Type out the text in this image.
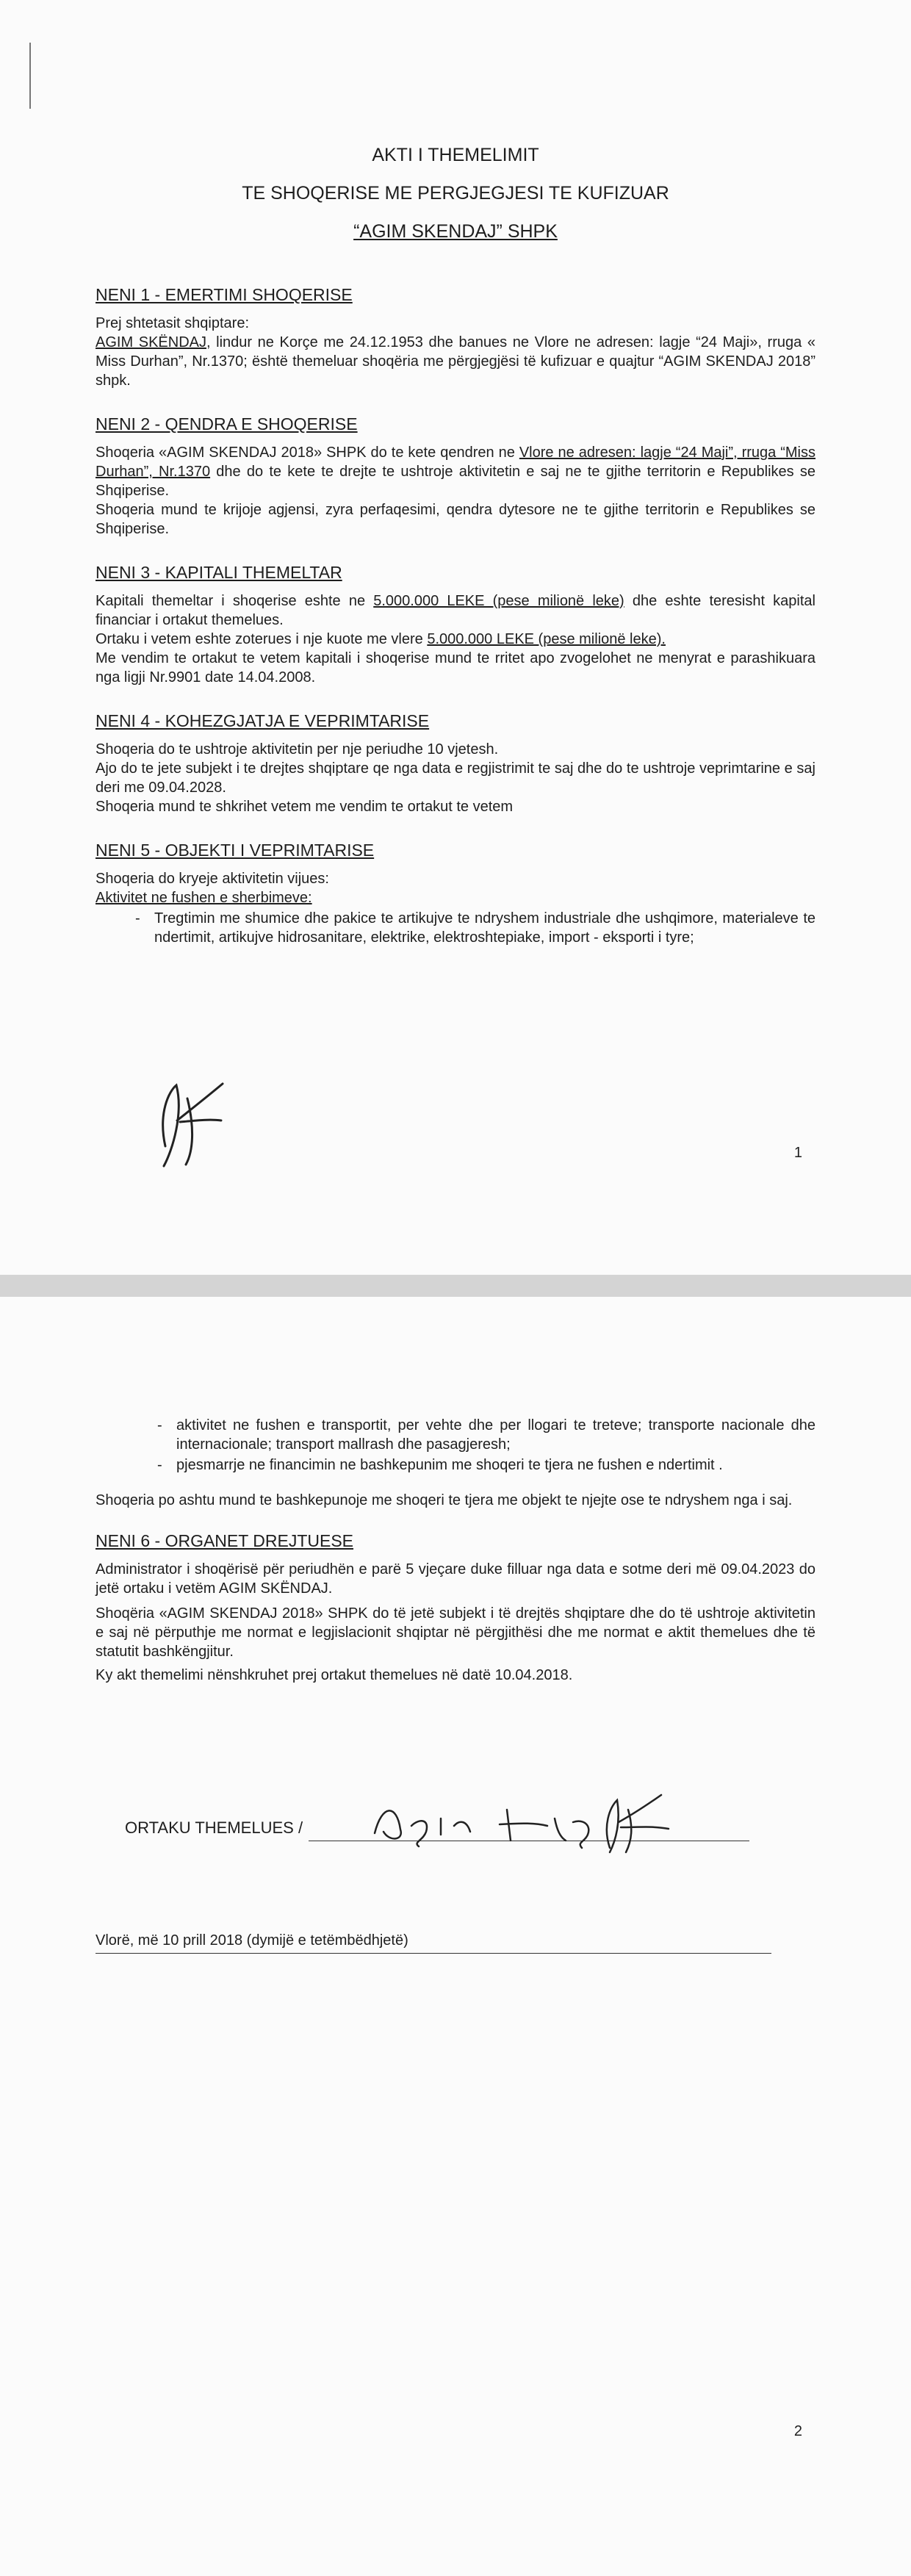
AKTI I THEMELIMIT
TE SHOQERISE ME PERGJEGJESI TE KUFIZUAR
“AGIM SKENDAJ” SHPK
NENI 1 - EMERTIMI SHOQERISE

Prej shtetasit shqiptare:

AGIM SKËNDAJ, lindur ne Korçe me 24.12.1953 dhe banues ne Vlore ne adresen: lagje “24 Maji», rruga « Miss Durhan”, Nr.1370; është themeluar shoqëria me përgjegjësi të kufizuar e quajtur “AGIM SKENDAJ 2018” shpk.

NENI 2 - QENDRA E SHOQERISE

Shoqeria «AGIM SKENDAJ 2018» SHPK do te kete qendren ne Vlore ne adresen: lagje “24 Maji”, rruga “Miss Durhan”, Nr.1370 dhe do te kete te drejte te ushtroje aktivitetin e saj ne te gjithe territorin e Republikes se Shqiperise.

Shoqeria mund te krijoje agjensi, zyra perfaqesimi, qendra dytesore ne te gjithe territorin e Republikes se Shqiperise.

NENI 3 - KAPITALI THEMELTAR

Kapitali themeltar i shoqerise eshte ne 5.000.000 LEKE (pese milionë leke) dhe eshte teresisht kapital financiar i ortakut themelues.

Ortaku i vetem eshte zoterues i nje kuote me vlere 5.000.000 LEKE (pese milionë leke).

Me vendim te ortakut te vetem kapitali i shoqerise mund te rritet apo zvogelohet ne menyrat e parashikuara nga ligji Nr.9901 date 14.04.2008.

NENI 4 - KOHEZGJATJA E VEPRIMTARISE

Shoqeria do te ushtroje aktivitetin per nje periudhe 10 vjetesh.

Ajo do te jete subjekt i te drejtes shqiptare qe nga data e regjistrimit te saj dhe do te ushtroje veprimtarine e saj deri me 09.04.2028.

Shoqeria mund te shkrihet vetem me vendim te ortakut te vetem

NENI 5 - OBJEKTI I VEPRIMTARISE

Shoqeria do kryeje aktivitetin vijues:

Aktivitet ne fushen e sherbimeve:

- Tregtimin me shumice dhe pakice te artikujve te ndryshem industriale dhe ushqimore, materialeve te ndertimit, artikujve hidrosanitare, elektrike, elektroshtepiake, import - eksporti i tyre;
1
- aktivitet ne fushen e transportit, per vehte dhe per llogari te treteve; transporte nacionale dhe internacionale; transport mallrash dhe pasagjeresh;
- pjesmarrje ne financimin ne bashkepunim me shoqeri te tjera ne fushen e ndertimit .

Shoqeria po ashtu mund te bashkepunoje me shoqeri te tjera me objekt te njejte ose te ndryshem nga i saj.

NENI 6 - ORGANET DREJTUESE

Administrator i shoqërisë për periudhën e parë 5 vjeçare duke filluar nga data e sotme deri më 09.04.2023 do jetë ortaku i vetëm AGIM SKËNDAJ.

Shoqëria «AGIM SKENDAJ 2018» SHPK do të jetë subjekt i të drejtës shqiptare dhe do të ushtroje aktivitetin e saj në përputhje me normat e legjislacionit shqiptar në përgjithësi dhe me normat e aktit themelues dhe të statutit bashkëngjitur.

Ky akt themelimi nënshkruhet prej ortakut themelues në datë 10.04.2018.

ORTAKU THEMELUES /
Vlorë, më 10 prill 2018 (dymijë e tetëmbëdhjetë)
2
